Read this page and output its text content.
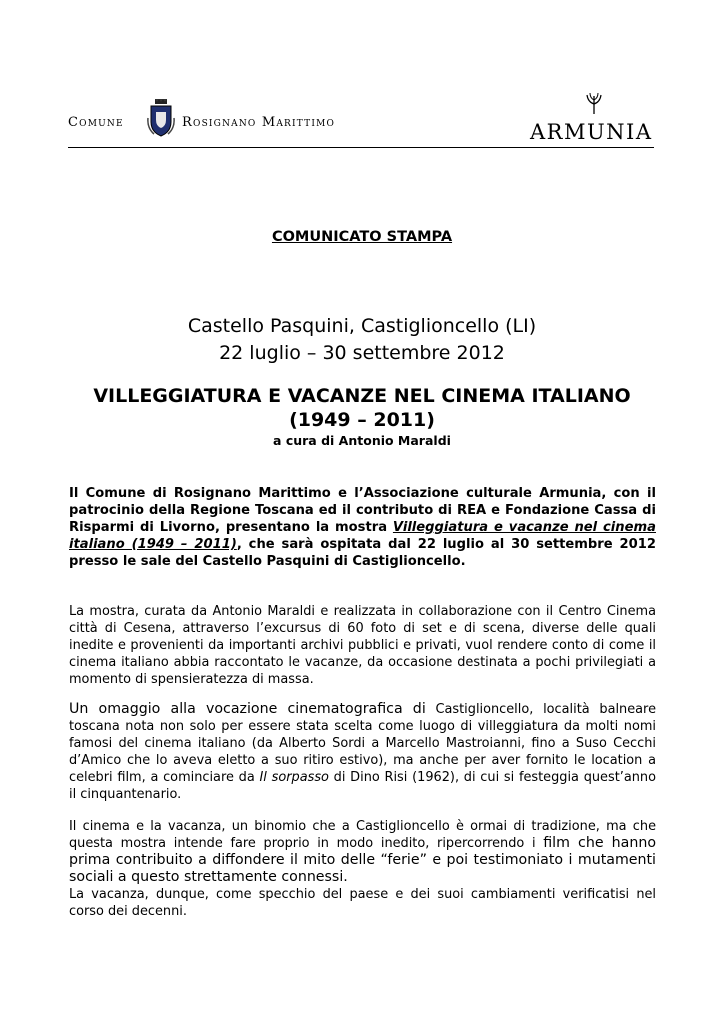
Comune	Rosignano Marittimo	ARMUNIA
COMUNICATO STAMPA
Castello Pasquini, Castiglioncello (LI)
22 luglio – 30 settembre 2012
VILLEGGIATURA E VACANZE NEL CINEMA ITALIANO
(1949 – 2011)
a cura di Antonio Maraldi
Il Comune di Rosignano Marittimo e l’Associazione culturale Armunia, con il patrocinio della Regione Toscana ed il contributo di REA e Fondazione Cassa di Risparmi di Livorno, presentano la mostra Villeggiatura e vacanze nel cinema italiano (1949 – 2011), che sarà ospitata dal 22 luglio al 30 settembre 2012 presso le sale del Castello Pasquini di Castiglioncello.
La mostra, curata da Antonio Maraldi e realizzata in collaborazione con il Centro Cinema città di Cesena, attraverso l’excursus di 60 foto di set e di scena, diverse delle quali inedite e provenienti da importanti archivi pubblici e privati, vuol rendere conto di come il cinema italiano abbia raccontato le vacanze, da occasione destinata a pochi privilegiati a momento di spensieratezza di massa.
Un omaggio alla vocazione cinematografica di Castiglioncello, località balneare toscana nota non solo per essere stata scelta come luogo di villeggiatura da molti nomi famosi del cinema italiano (da Alberto Sordi a Marcello Mastroianni, fino a Suso Cecchi d’Amico che lo aveva eletto a suo ritiro estivo), ma anche per aver fornito le location a celebri film, a cominciare da Il sorpasso di Dino Risi (1962), di cui si festeggia quest’anno il cinquantenario.
Il cinema e la vacanza, un binomio che a Castiglioncello è ormai di tradizione, ma che questa mostra intende fare proprio in modo inedito, ripercorrendo i film che hanno prima contribuito a diffondere il mito delle “ferie” e poi testimoniato i mutamenti sociali a questo strettamente connessi.
La vacanza, dunque, come specchio del paese e dei suoi cambiamenti verificatisi nel corso dei decenni.
